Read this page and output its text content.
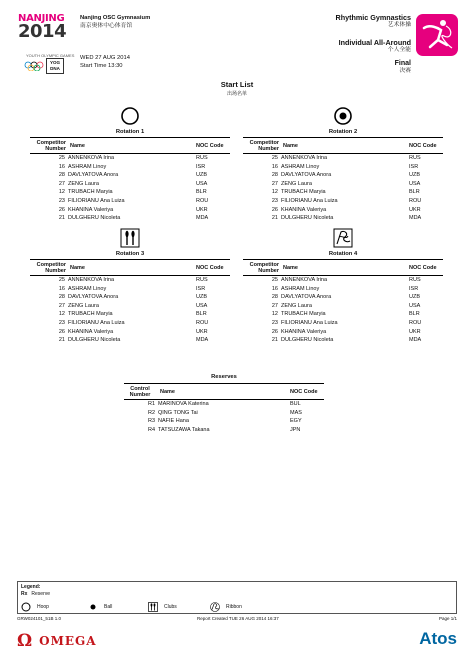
NANJING
2014
YOUTH OLYMPIC GAMES
YOG DNA
Nanjing OSC Gymnasium
南京奥体中心体育馆
WED 27 AUG 2014
Start Time 13:30
Rhythmic Gymnastics
艺术体操
Individual All-Around
个人全能
Final
决赛
Start List
出场名单
Rotation 1
Competitor Number	Name	NOC Code
25	ANNENKOVA Irina	RUS
16	ASHRAM Linoy	ISR
28	DAVLYATOVA Anora	UZB
27	ZENG Laura	USA
12	TRUBACH Maryia	BLR
23	FILIORIANU Ana Luiza	ROU
26	KHANINA Valeriya	UKR
21	DULGHERU Nicoleta	MDA
Rotation 2
Competitor Number	Name	NOC Code
25	ANNENKOVA Irina	RUS
16	ASHRAM Linoy	ISR
28	DAVLYATOVA Anora	UZB
27	ZENG Laura	USA
12	TRUBACH Maryia	BLR
23	FILIORIANU Ana Luiza	ROU
26	KHANINA Valeriya	UKR
21	DULGHERU Nicoleta	MDA
Rotation 3
Competitor Number	Name	NOC Code
25	ANNENKOVA Irina	RUS
16	ASHRAM Linoy	ISR
28	DAVLYATOVA Anora	UZB
27	ZENG Laura	USA
12	TRUBACH Maryia	BLR
23	FILIORIANU Ana Luiza	ROU
26	KHANINA Valeriya	UKR
21	DULGHERU Nicoleta	MDA
Rotation 4
Competitor Number	Name	NOC Code
25	ANNENKOVA Irina	RUS
16	ASHRAM Linoy	ISR
28	DAVLYATOVA Anora	UZB
27	ZENG Laura	USA
12	TRUBACH Maryia	BLR
23	FILIORIANU Ana Luiza	ROU
26	KHANINA Valeriya	UKR
21	DULGHERU Nicoleta	MDA
Reserves
Control Number	Name	NOC Code
R1	MARINOVA Katerina	BUL
R2	QING TONG Tai	MAS
R3	NAFIE Hana	EGY
R4	TATSUZAWA Takana	JPN
Legend:
Rx Reserve
Hoop	Ball	Clubs	Ribbon
GRW024101_51B 1.0	Report Created TUE 26 AUG 2014 16:37	Page 1/1
Ω OMEGA	Atos
